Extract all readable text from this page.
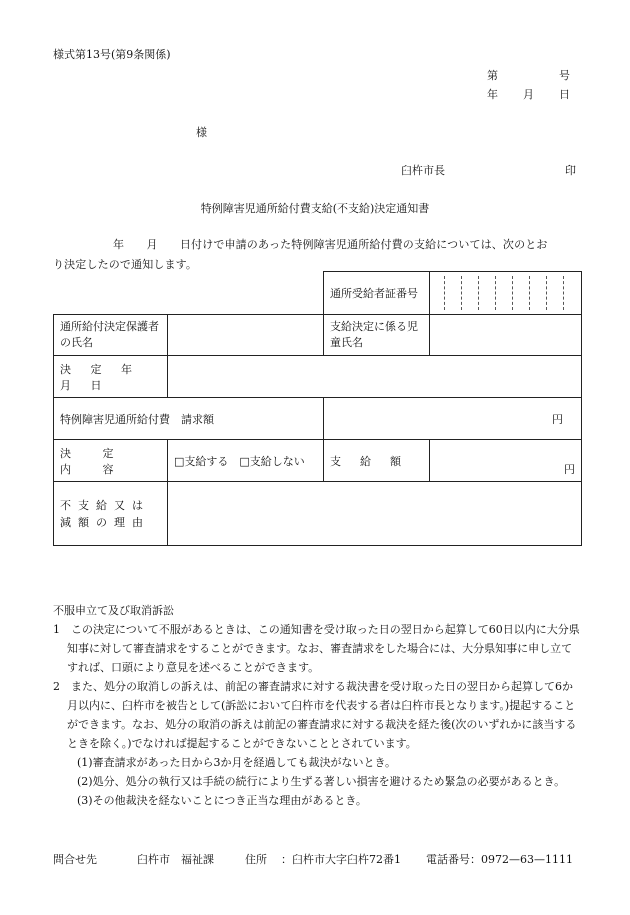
様式第13号(第9条関係)
第	号
年 月 日
様
臼杵市長	印
特例障害児通所給付費支給(不支給)決定通知書
年　　月　　日付けで申請のあった特例障害児通所給付費の支給については、次のとお
り決定したので通知します。
		通所受給者証番号	

通所給付決定保護者の氏名		支給決定に係る児童氏名	
決 定 年 月 日			
特例障害児通所給付費　請求額		円	

決 定 内 容	□支給する　□支給しない	支　給　額	円

不支給又は減額の理由			

不服申立て及び取消訴訟

1　この決定について不服があるときは、この通知書を受け取った日の翌日から起算して60日以内に大分県知事に対して審査請求をすることができます。なお、審査請求をした場合には、大分県知事に申し立てすれば、口頭により意見を述べることができます。

2　また、処分の取消しの訴えは、前記の審査請求に対する裁決書を受け取った日の翌日から起算して6か月以内に、臼杵市を被告として(訴訟において臼杵市を代表する者は臼杵市長となります。)提起することができます。なお、処分の取消の訴えは前記の審査請求に対する裁決を経た後(次のいずれかに該当するときを除く。)でなければ提起することができないこととされています。

(1)審査請求があった日から3か月を経過しても裁決がないとき。

(2)処分、処分の執行又は手続の続行により生ずる著しい損害を避けるため緊急の必要があるとき。

(3)その他裁決を経ないことにつき正当な理由があるとき。

問合せ先	臼杵市　福祉課	住所 ：臼杵市大字臼杵72番1 電話番号：0972—63—1111
